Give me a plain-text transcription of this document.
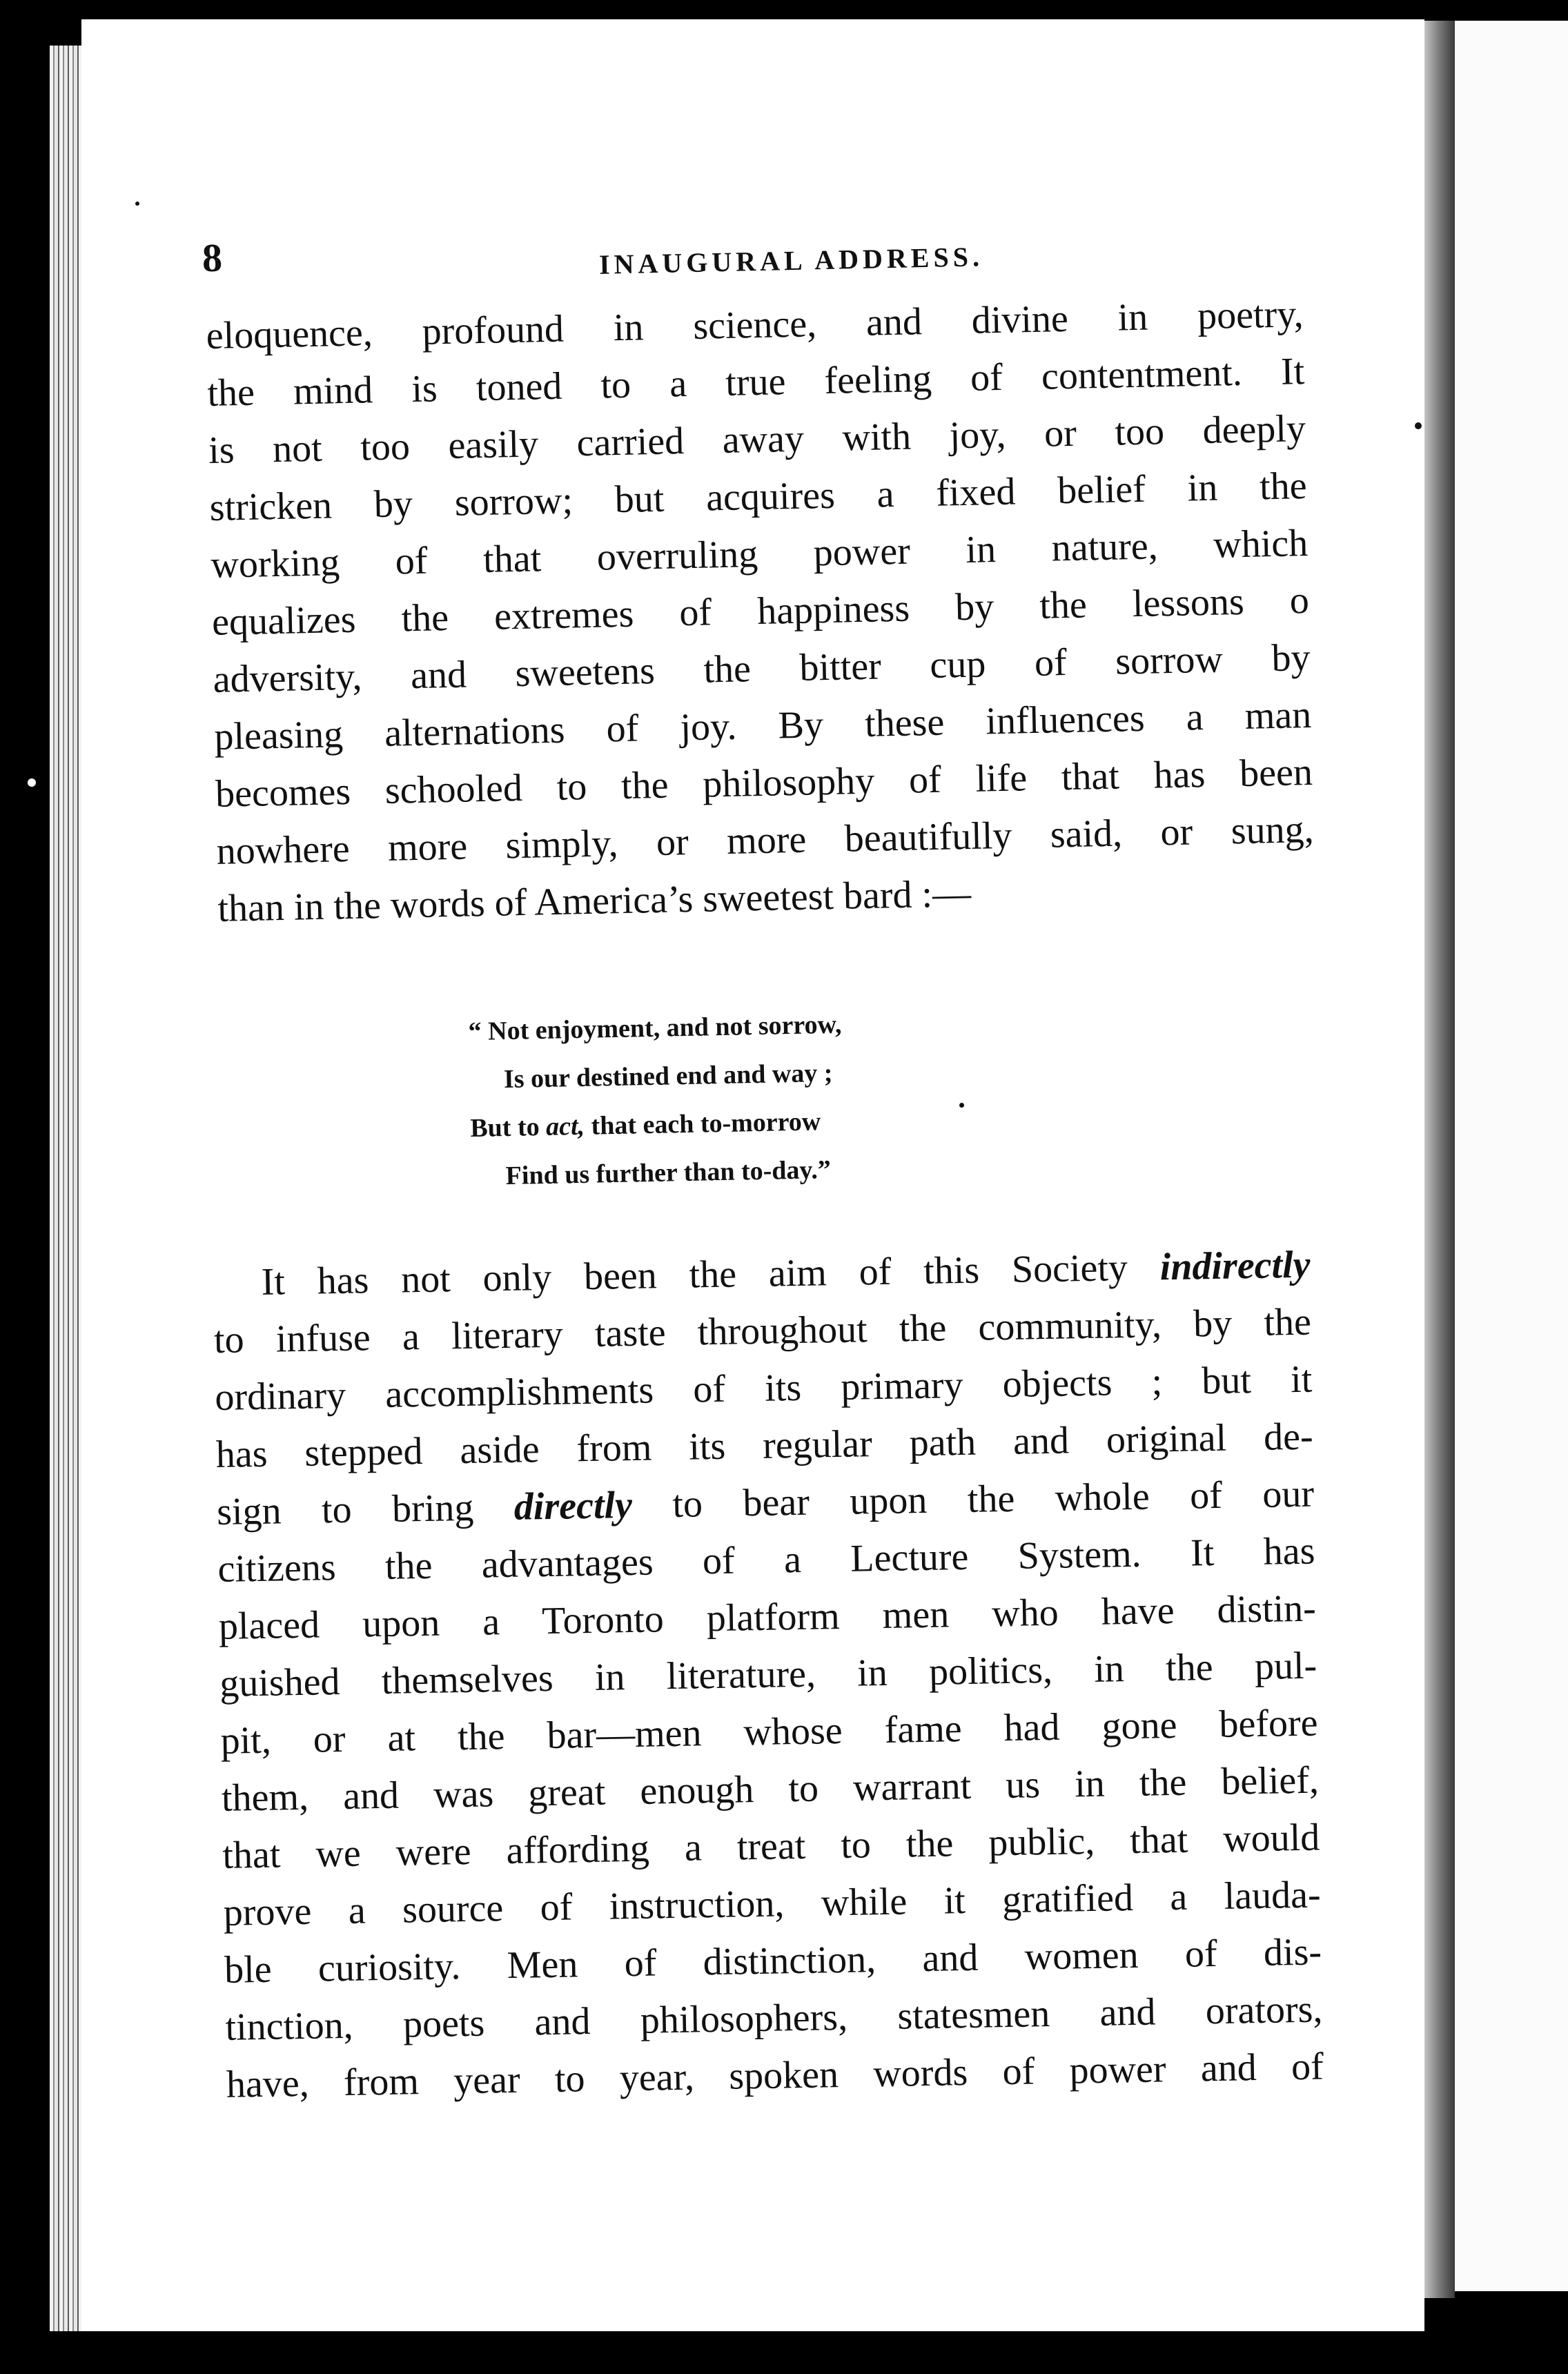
8	INAUGURAL ADDRESS.
eloquence, profound in science, and divine in poetry,
the mind is toned to a true feeling of contentment. It
is not too easily carried away with joy, or too deeply
stricken by sorrow; but acquires a fixed belief in the
working of that overruling power in nature, which
equalizes the extremes of happiness by the lessons o
adversity, and sweetens the bitter cup of sorrow by
pleasing alternations of joy. By these influences a man
becomes schooled to the philosophy of life that has been
nowhere more simply, or more beautifully said, or sung,
than in the words of America’s sweetest bard :—
“ Not enjoyment, and not sorrow,
Is our destined end and way ;
But to act, that each to-morrow
Find us further than to-day.”
It has not only been the aim of this Society indirectly
to infuse a literary taste throughout the community, by the
ordinary accomplishments of its primary objects ; but it
has stepped aside from its regular path and original de-
sign to bring directly to bear upon the whole of our
citizens the advantages of a Lecture System. It has
placed upon a Toronto platform men who have distin-
guished themselves in literature, in politics, in the pul-
pit, or at the bar—men whose fame had gone before
them, and was great enough to warrant us in the belief,
that we were affording a treat to the public, that would
prove a source of instruction, while it gratified a lauda-
ble curiosity. Men of distinction, and women of dis-
tinction, poets and philosophers, statesmen and orators,
have, from year to year, spoken words of power and of
